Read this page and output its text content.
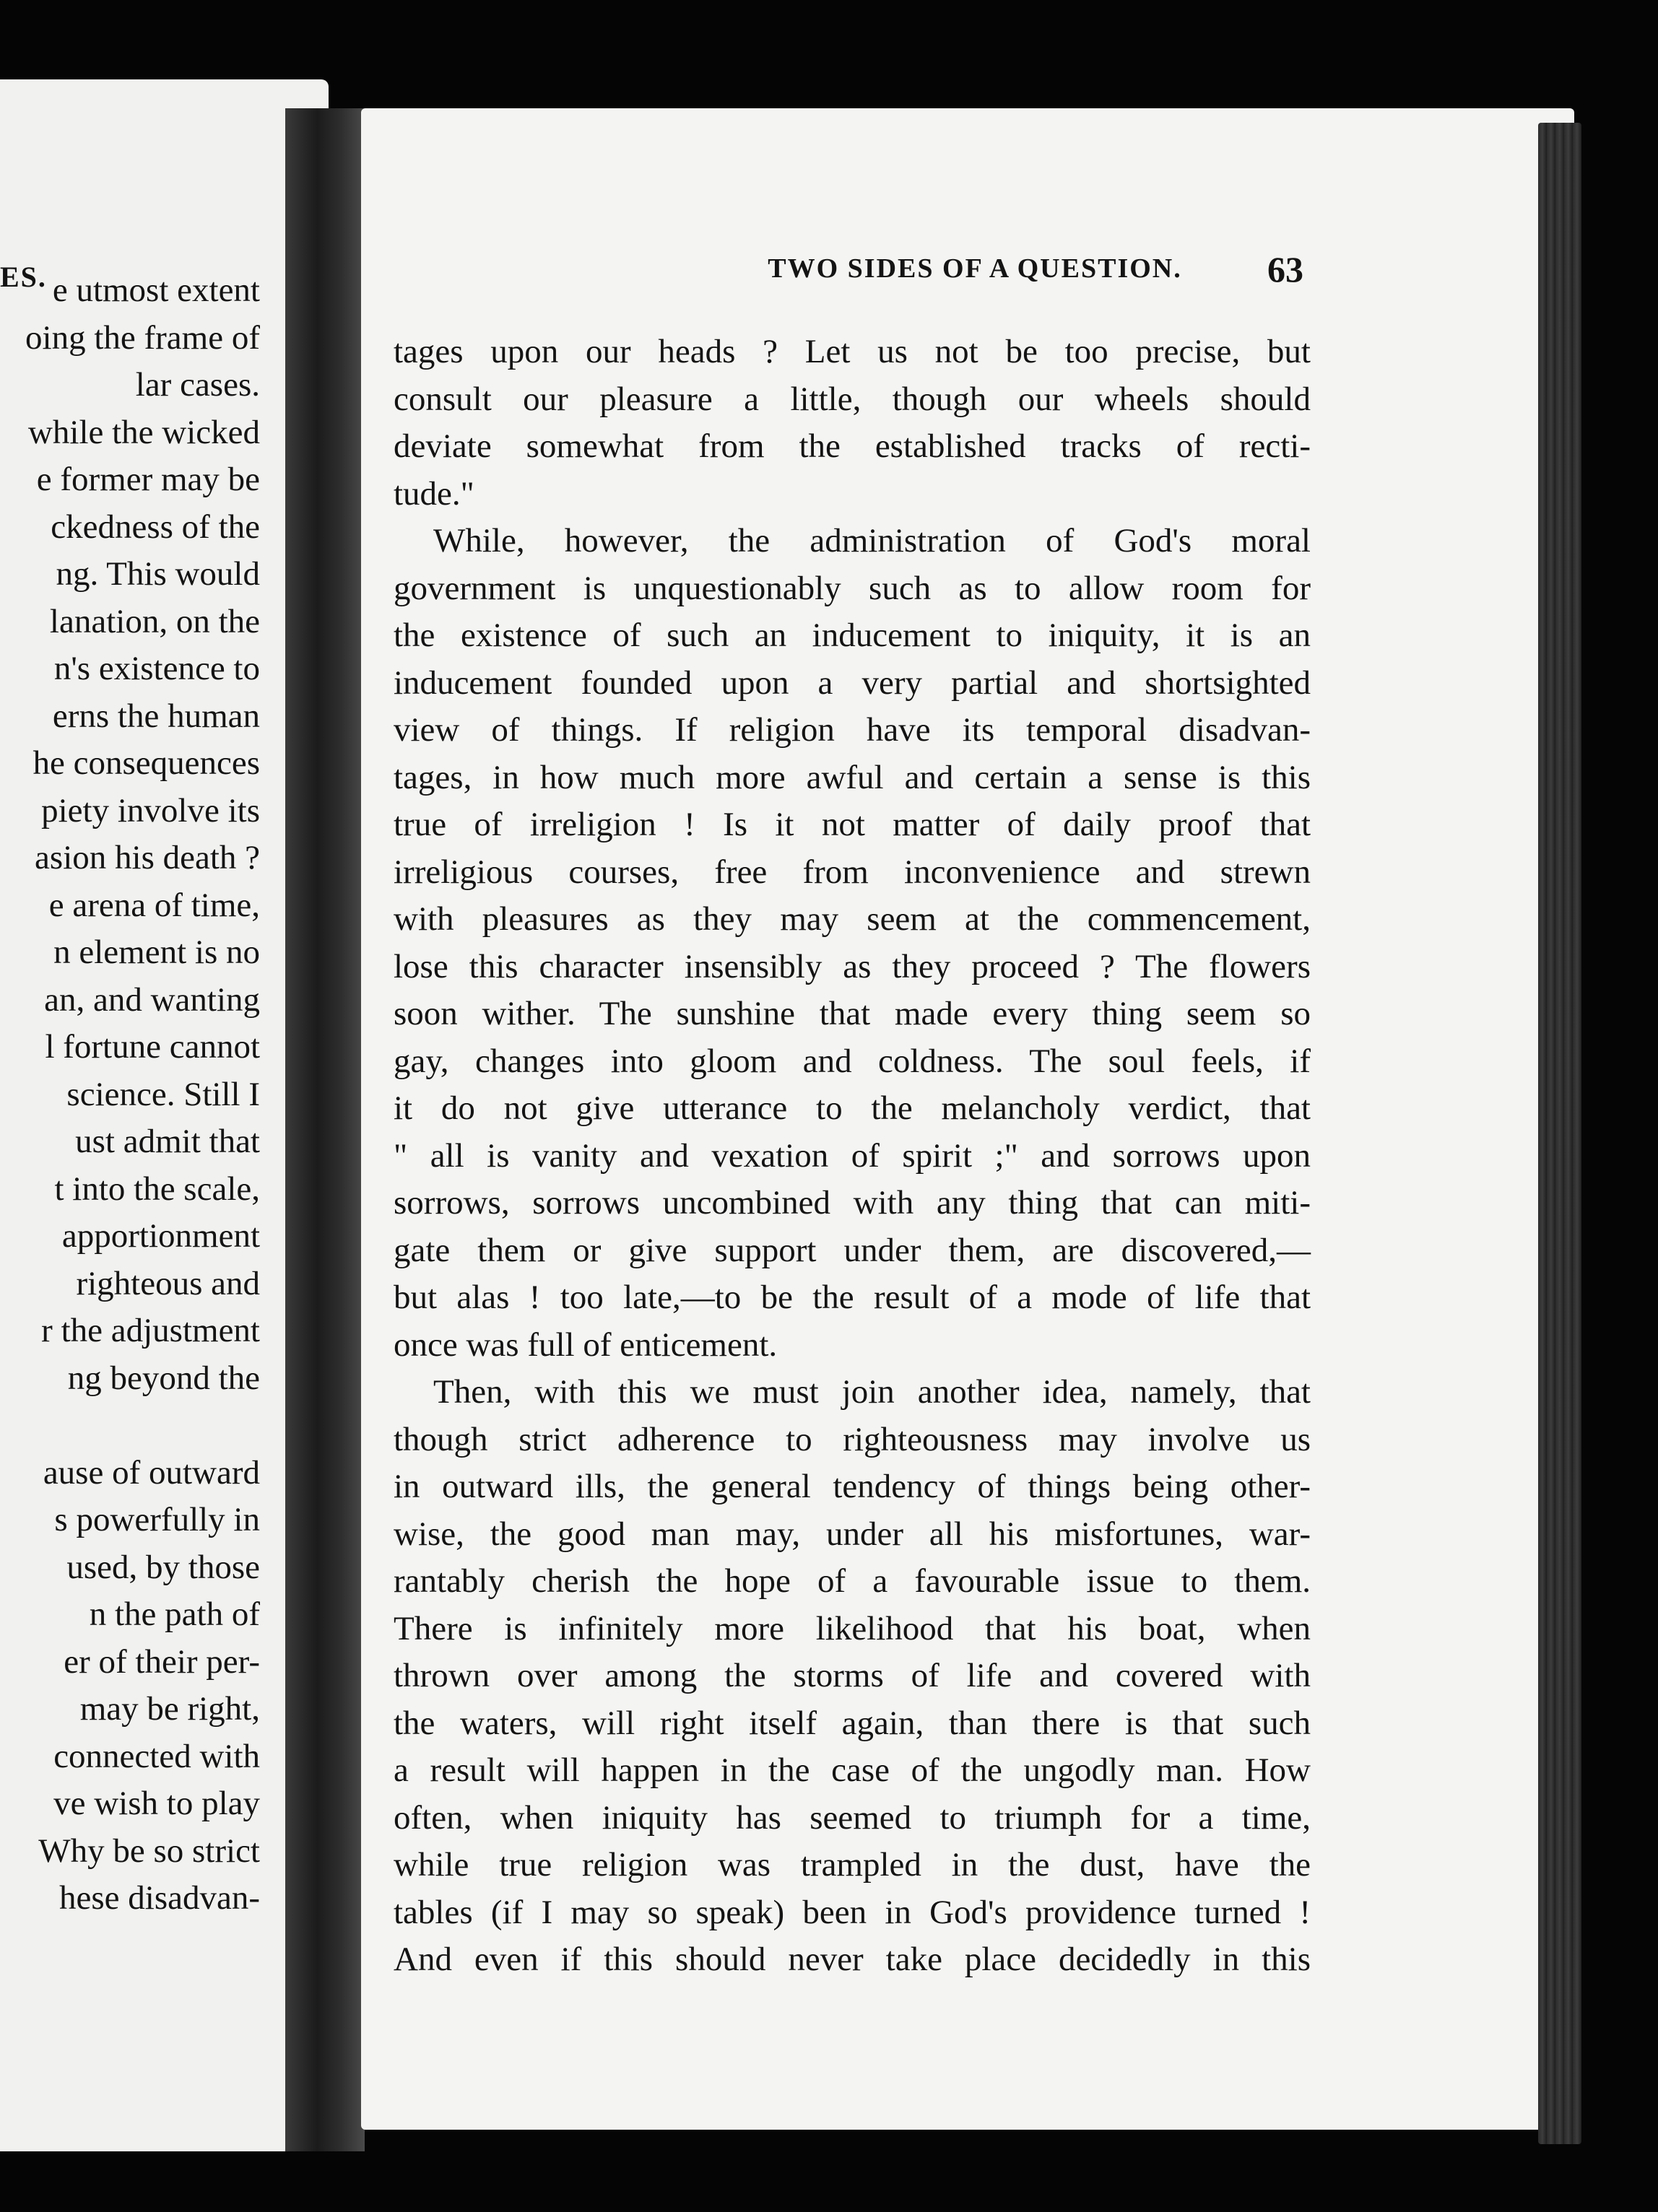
ES. e utmost extent
oing the frame of
lar cases.
while the wicked
e former may be
ckedness of the
ng. This would
lanation, on the
n's existence to
erns the human
he consequences
piety involve its
asion his death ?
e arena of time,
n element is no
an, and wanting
l fortune cannot
science. Still I
ust admit that
t into the scale,
apportionment
righteous and
r the adjustment
ng beyond the
ause of outward
s powerfully in
used, by those
n the path of
er of their per-
may be right,
connected with
ve wish to play
Why be so strict
hese disadvan-
TWO SIDES OF A QUESTION.	63
tages upon our heads ? Let us not be too precise, but
consult our pleasure a little, though our wheels should
deviate somewhat from the established tracks of recti-
tude."
While, however, the administration of God's moral
government is unquestionably such as to allow room for
the existence of such an inducement to iniquity, it is an
inducement founded upon a very partial and shortsighted
view of things. If religion have its temporal disadvan-
tages, in how much more awful and certain a sense is this
true of irreligion ! Is it not matter of daily proof that
irreligious courses, free from inconvenience and strewn
with pleasures as they may seem at the commencement,
lose this character insensibly as they proceed ? The flowers
soon wither. The sunshine that made every thing seem so
gay, changes into gloom and coldness. The soul feels, if
it do not give utterance to the melancholy verdict, that
" all is vanity and vexation of spirit ;" and sorrows upon
sorrows, sorrows uncombined with any thing that can miti-
gate them or give support under them, are discovered,—
but alas ! too late,—to be the result of a mode of life that
once was full of enticement.
Then, with this we must join another idea, namely, that
though strict adherence to righteousness may involve us
in outward ills, the general tendency of things being other-
wise, the good man may, under all his misfortunes, war-
rantably cherish the hope of a favourable issue to them.
There is infinitely more likelihood that his boat, when
thrown over among the storms of life and covered with
the waters, will right itself again, than there is that such
a result will happen in the case of the ungodly man. How
often, when iniquity has seemed to triumph for a time,
while true religion was trampled in the dust, have the
tables (if I may so speak) been in God's providence turned !
And even if this should never take place decidedly in this
